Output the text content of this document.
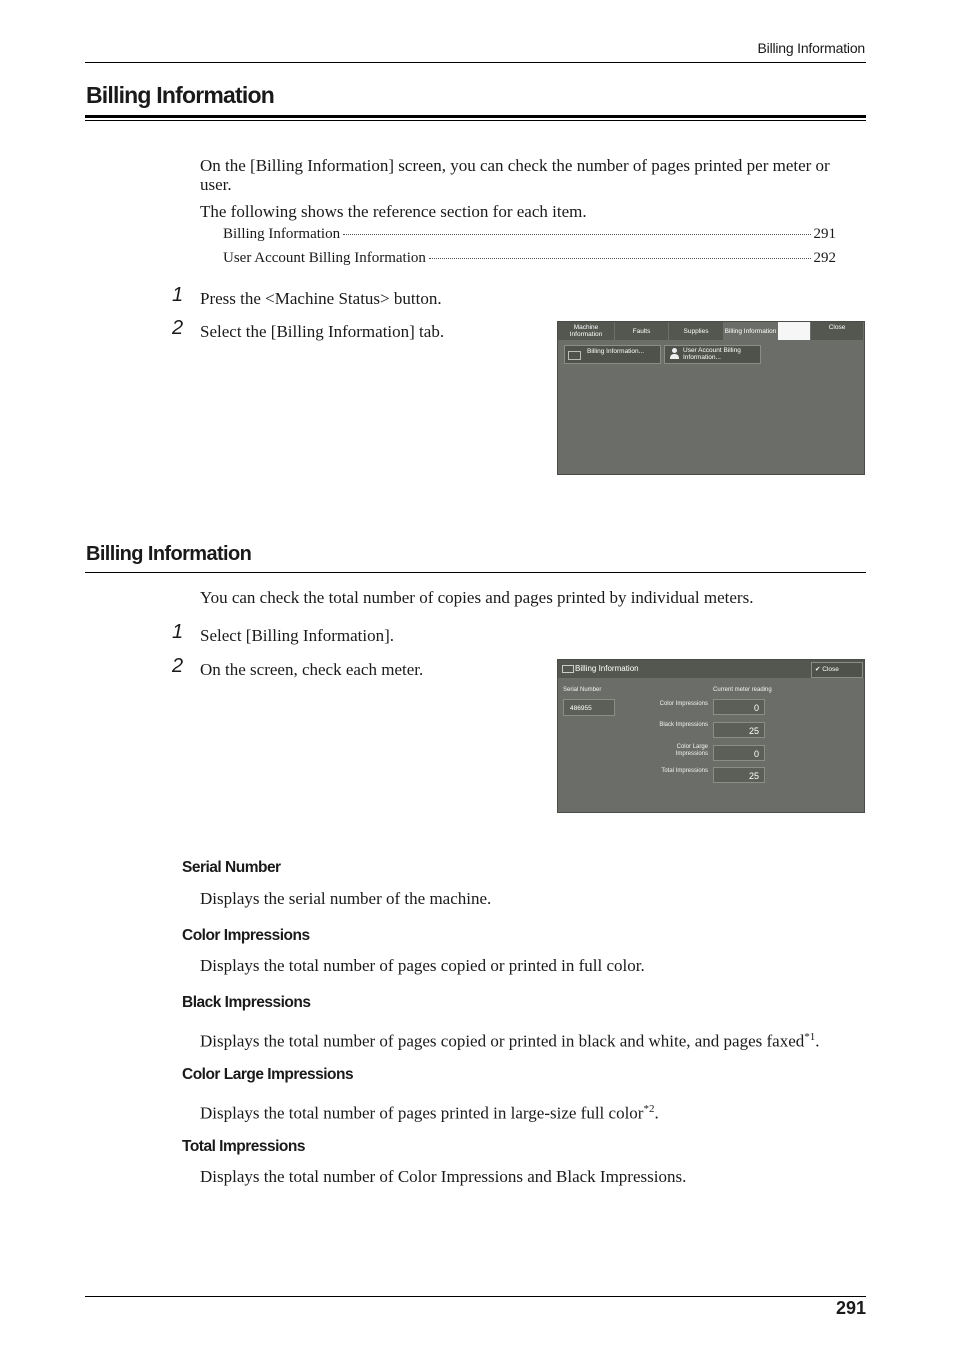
Billing Information
Billing Information
On the [Billing Information] screen, you can check the number of pages printed per meter or user.
The following shows the reference section for each item.
Billing Information	291
User Account Billing Information	292
1 Press the <Machine Status> button.
2 Select the [Billing Information] tab.	Machine Information	Faults	Supplies	Billing Information	Close
Billing Information...	User Account Billing Information...
Billing Information
You can check the total number of copies and pages printed by individual meters.
1 Select [Billing Information].
2 On the screen, check each meter.	Billing Information	✔ Close
Serial Number
486955
Current meter reading
Color Impressions	0
Black Impressions
25
Color Large Impressions	0
Total Impressions	25
Serial Number
Displays the serial number of the machine.
Color Impressions
Displays the total number of pages copied or printed in full color.
Black Impressions
Displays the total number of pages copied or printed in black and white, and pages faxed$^{*1}$.
Color Large Impressions
Displays the total number of pages printed in large-size full color$^{*2}$.
Total Impressions
Displays the total number of Color Impressions and Black Impressions.
291
